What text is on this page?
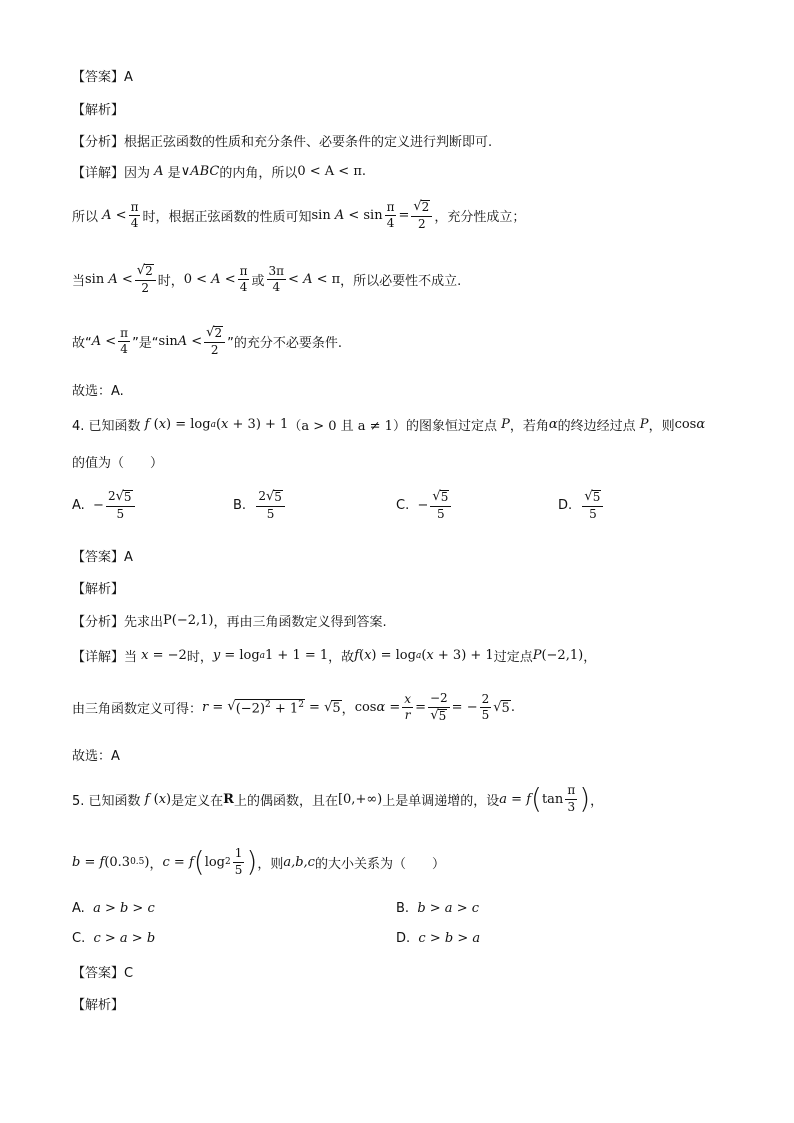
【答案】A
【解析】
【分析】根据正弦函数的性质和充分条件、必要条件的定义进行判断即可.
【详解】因为 A 是 ∨ ABC 的内角，所以 0 < A < π .
所以 $A < \frac{\pi}{4}$ 时，根据正弦函数的性质可知 $\sin A < \sin \frac{\pi}{4} = \frac{√ 2}{2}$ ，充分性成立；
当 $\sin A < \frac{√ 2}{2}$ 时， $0 < A < \frac{\pi}{4}$ 或 $\frac{3\pi}{4} < A < \pi$ ，所以必要性不成立.
故“ $A < \frac{\pi}{4}$ ”是“ $\sin A < \frac{√ 2}{2}$ ”的充分不必要条件.
故选：A.
4. 已知函数 f ( x ) = log a ( x + 3) + 1 （a > 0 且 a ≠ 1） 的图象恒过定点 P ，若角 α 的终边经过点 P ，则 cos α
的值为（　　）
A. − $\frac{2 √ 5}{5}$	B.
$\frac{2 √ 5}{5}$	C. − $\frac{√ 5}{5}$	D.
$\frac{√ 5}{5}$
【答案】A
【解析】
【分析】先求出 P(−2,1) ，再由三角函数定义得到答案.
【详解】当 x = −2 时， y = log a 1 + 1 = 1 ，故 f ( x ) = log a ( x + 3) + 1 过定点 P (−2,1) ，
由三角函数定义可得： r = √ $(-2)^2 + 1^2$ = √ 5 ， $\cos \alpha = \frac{x}{r} = \frac{-2}{√ 5}$ = − $\frac{2}{5}$ √ 5 .
故选：A
5. 已知函数 f ( x ) 是定义在 R 上的偶函数，且在 [0,+∞) 上是单调递增的，设 a = f ( $\tan \frac{\pi}{3}$ ) ，
b = f (0.3 0.5 ) ， c = f ( $\log 2 \frac{1}{5}$ ) ，则 a,b,c 的大小关系为（　　）
A.
a > b > c	B.
b > a > c
C.
c > a > b	D.
c > b > a
【答案】C
【解析】
